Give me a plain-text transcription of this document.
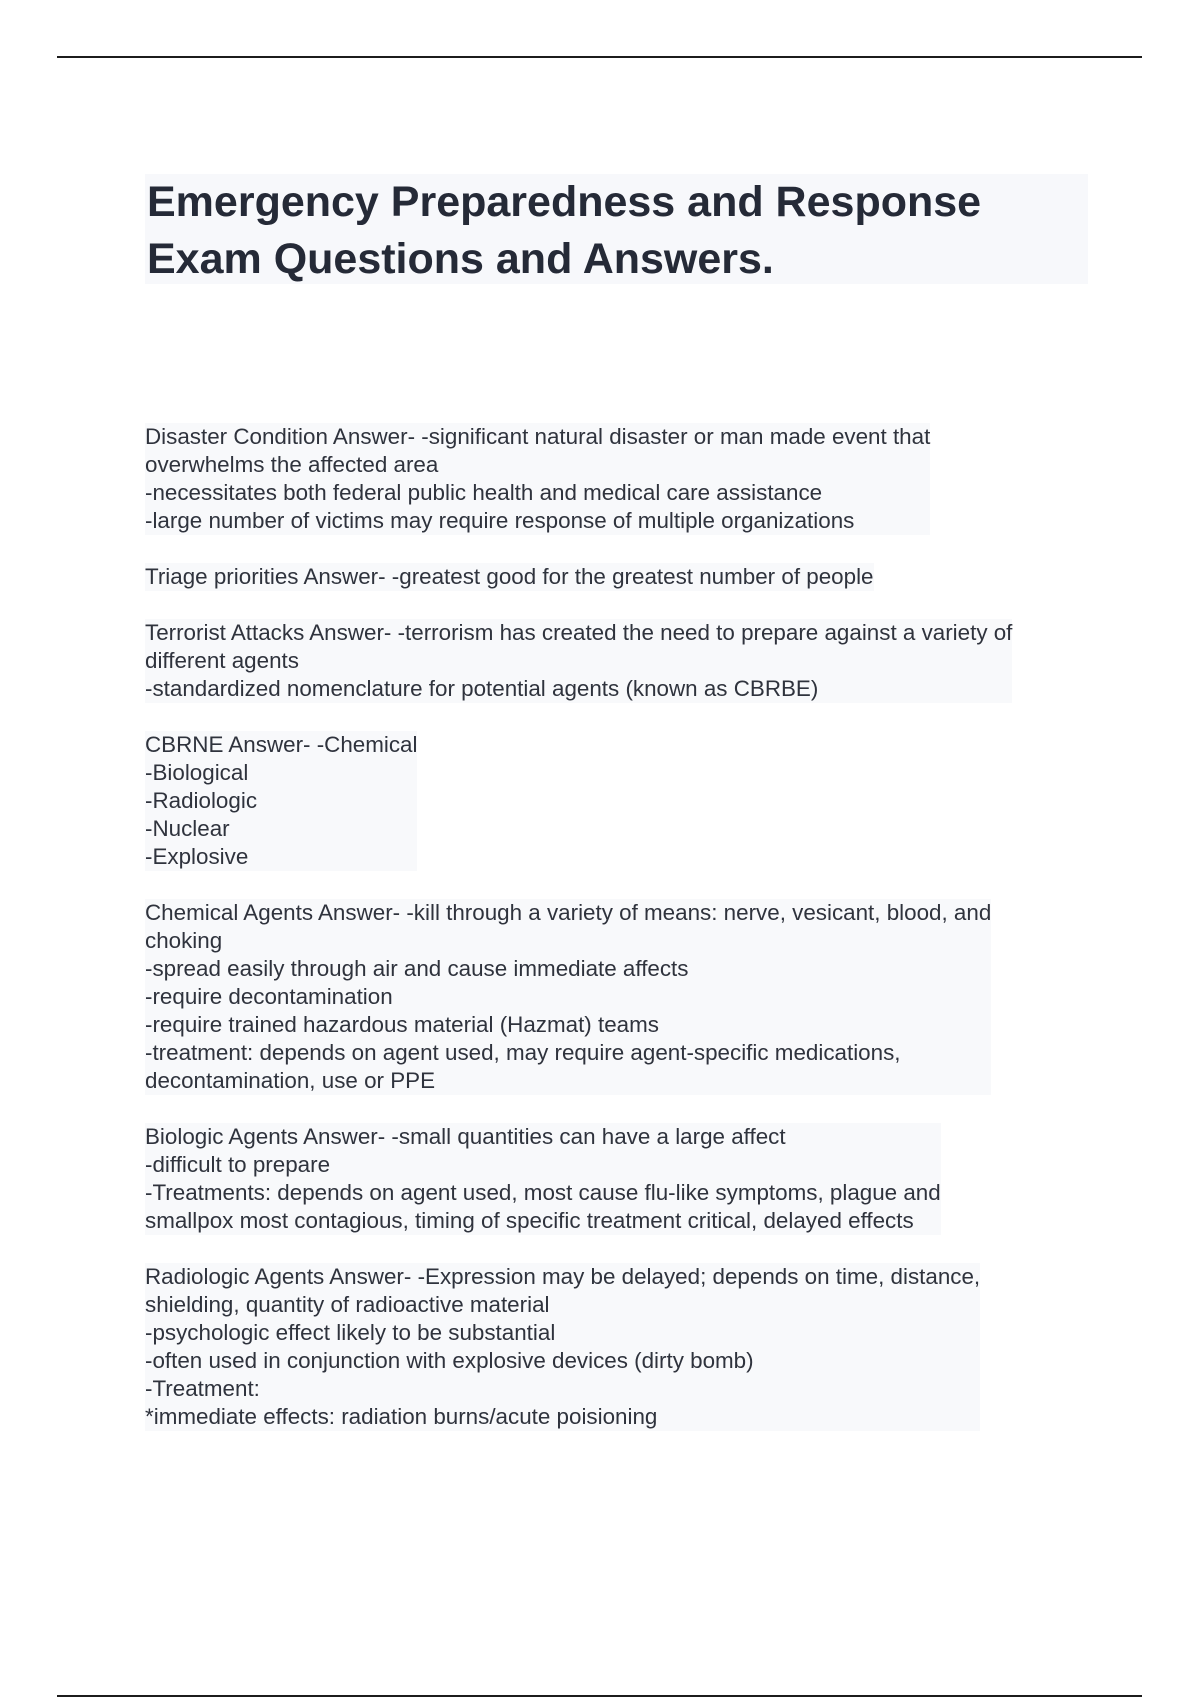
Emergency Preparedness and Response
Exam Questions and Answers.
Disaster Condition Answer- -significant natural disaster or man made event that
overwhelms the affected area
-necessitates both federal public health and medical care assistance
-large number of victims may require response of multiple organizations
Triage priorities Answer- -greatest good for the greatest number of people
Terrorist Attacks Answer- -terrorism has created the need to prepare against a variety of
different agents
-standardized nomenclature for potential agents (known as CBRBE)
CBRNE Answer- -Chemical
-Biological
-Radiologic
-Nuclear
-Explosive
Chemical Agents Answer- -kill through a variety of means: nerve, vesicant, blood, and
choking
-spread easily through air and cause immediate affects
-require decontamination
-require trained hazardous material (Hazmat) teams
-treatment: depends on agent used, may require agent-specific medications,
decontamination, use or PPE
Biologic Agents Answer- -small quantities can have a large affect
-difficult to prepare
-Treatments: depends on agent used, most cause flu-like symptoms, plague and
smallpox most contagious, timing of specific treatment critical, delayed effects
Radiologic Agents Answer- -Expression may be delayed; depends on time, distance,
shielding, quantity of radioactive material
-psychologic effect likely to be substantial
-often used in conjunction with explosive devices (dirty bomb)
-Treatment:
*immediate effects: radiation burns/acute poisioning
